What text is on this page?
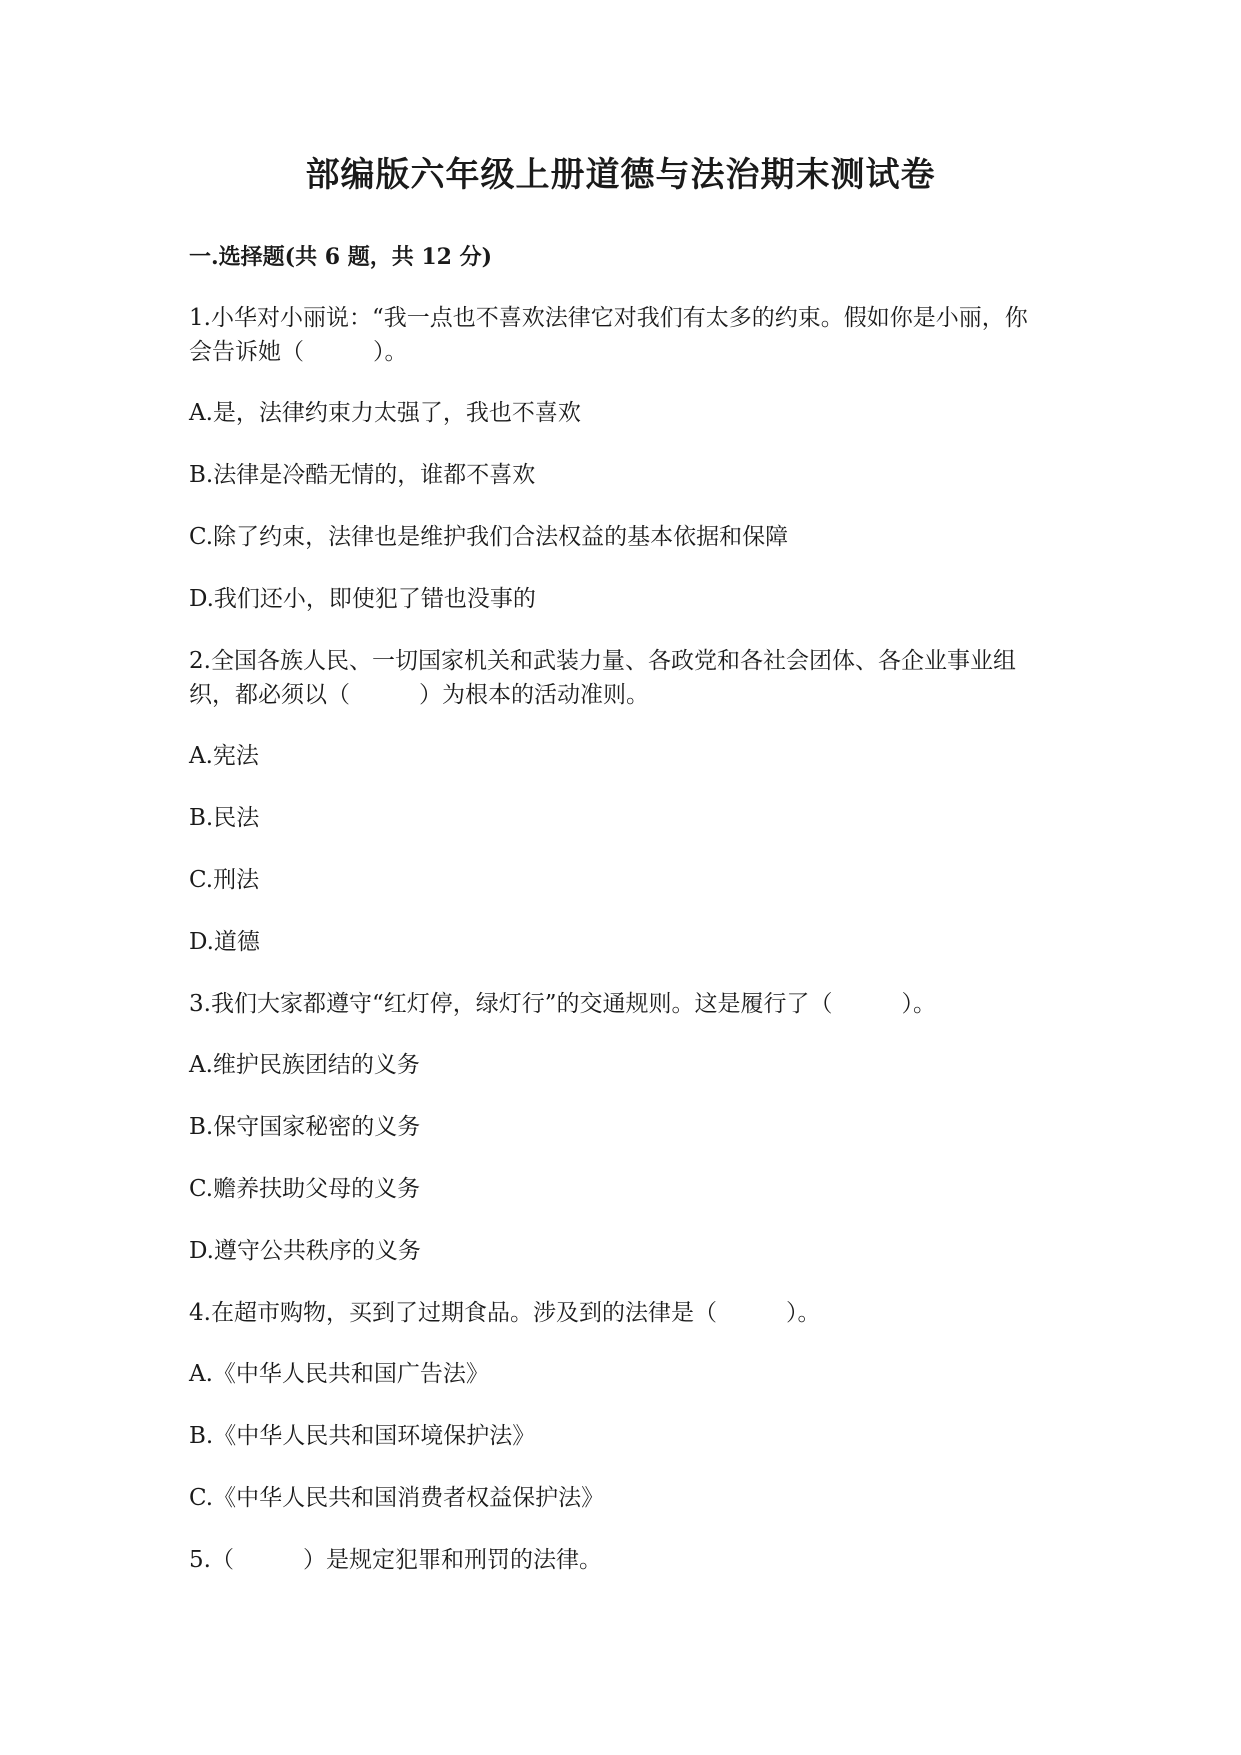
部编版六年级上册道德与法治期末测试卷
一.选择题(共 6 题，共 12 分)
1.小华对小丽说：“我一点也不喜欢法律它对我们有太多的约束。假如你是小丽，你会告诉她（　　　）。
A.是，法律约束力太强了，我也不喜欢
B.法律是冷酷无情的，谁都不喜欢
C.除了约束，法律也是维护我们合法权益的基本依据和保障
D.我们还小，即使犯了错也没事的
2.全国各族人民、一切国家机关和武装力量、各政党和各社会团体、各企业事业组织，都必须以（　　　）为根本的活动准则。
A.宪法
B.民法
C.刑法
D.道德
3.我们大家都遵守“红灯停，绿灯行”的交通规则。这是履行了（　　　）。
A.维护民族团结的义务
B.保守国家秘密的义务
C.赡养扶助父母的义务
D.遵守公共秩序的义务
4.在超市购物，买到了过期食品。涉及到的法律是（　　　）。
A.《中华人民共和国广告法》
B.《中华人民共和国环境保护法》
C.《中华人民共和国消费者权益保护法》
5.（　　　）是规定犯罪和刑罚的法律。
